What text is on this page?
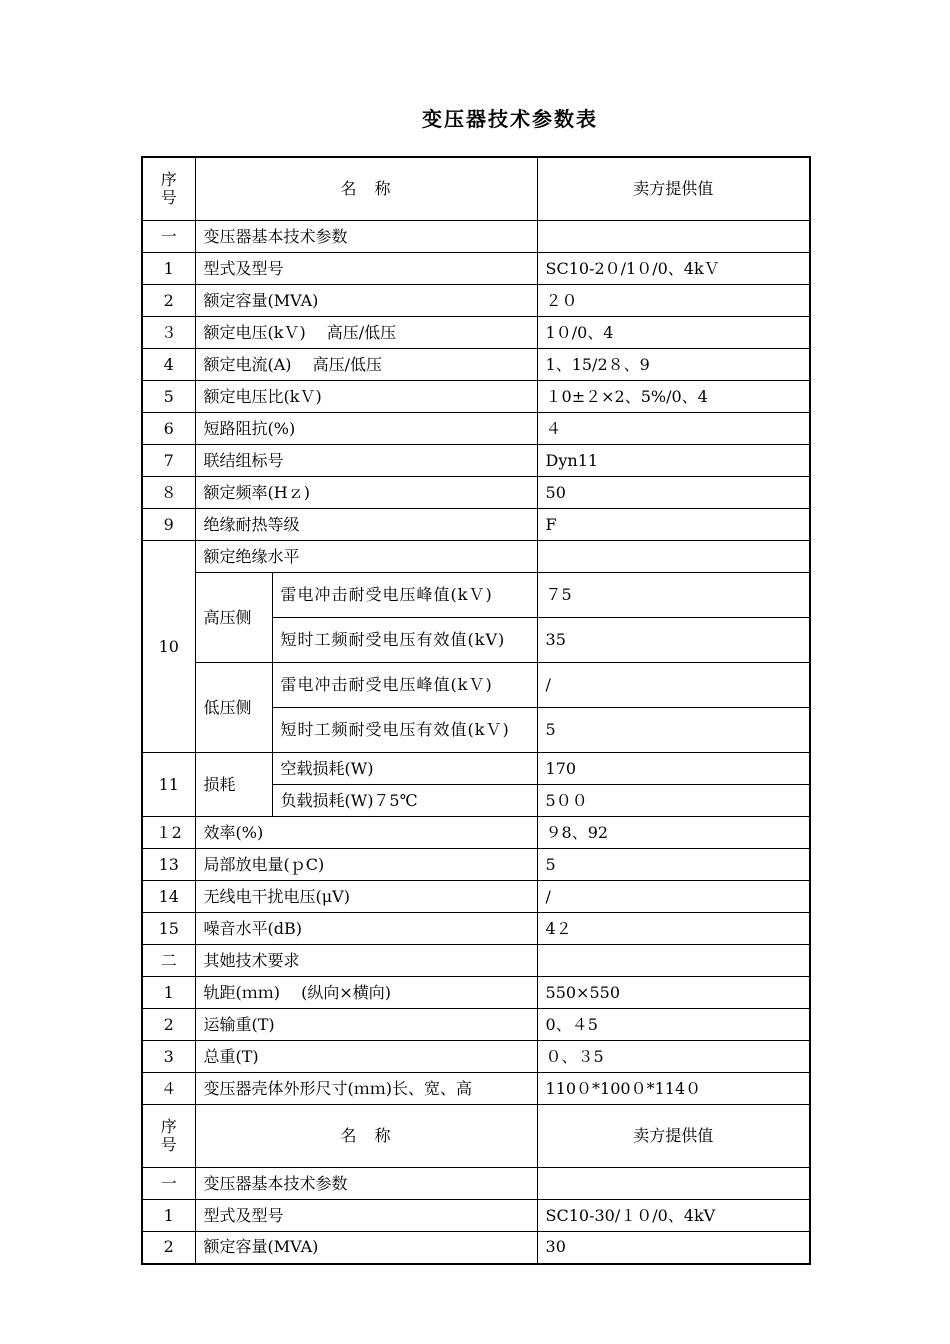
变压器技术参数表
序号	名　称		卖方提供值
一	变压器基本技术参数		
1	型式及型号		SC10-2０/1０/0、4kＶ
2	额定容量(MVA)		２０
３	额定电压(kＶ)　 高压/低压		1０/0、4
4	额定电流(A)　 高压/低压		1、15/2８、9
5	额定电压比(kＶ)		１0±２×2、5%/0、4
6	短路阻抗(%)		４
7	联结组标号		Dyn11
８	额定频率(Hｚ)		50
9	绝缘耐热等级		F
10	额定绝缘水平		
	高压侧	雷电冲击耐受电压峰值(kＶ)	７5
		短时工频耐受电压有效值(kV)	35
	低压侧	雷电冲击耐受电压峰值(kＶ)	/
		短时工频耐受电压有效值(kＶ)	5
11	损耗	空载损耗(W)	170
		负载损耗(W)７5℃	5００
１2	效率(%)		９8、92
13	局部放电量(ｐC)		5
14	无线电干扰电压(μV)		/
15	噪音水平(dB)		4２
二	其她技术要求		
1	轨距(ｍｍ)　 (纵向×横向)		550×550
2	运输重(T)		0、４5
3	总重(T)		０、３5
４	变压器壳体外形尺寸(ｍｍ)长、宽、高		110０*100０*114０
序号	名　称		卖方提供值
一	变压器基本技术参数		
1	型式及型号		SC10-30/１０/0、4kV
2	额定容量(MVA)		30
